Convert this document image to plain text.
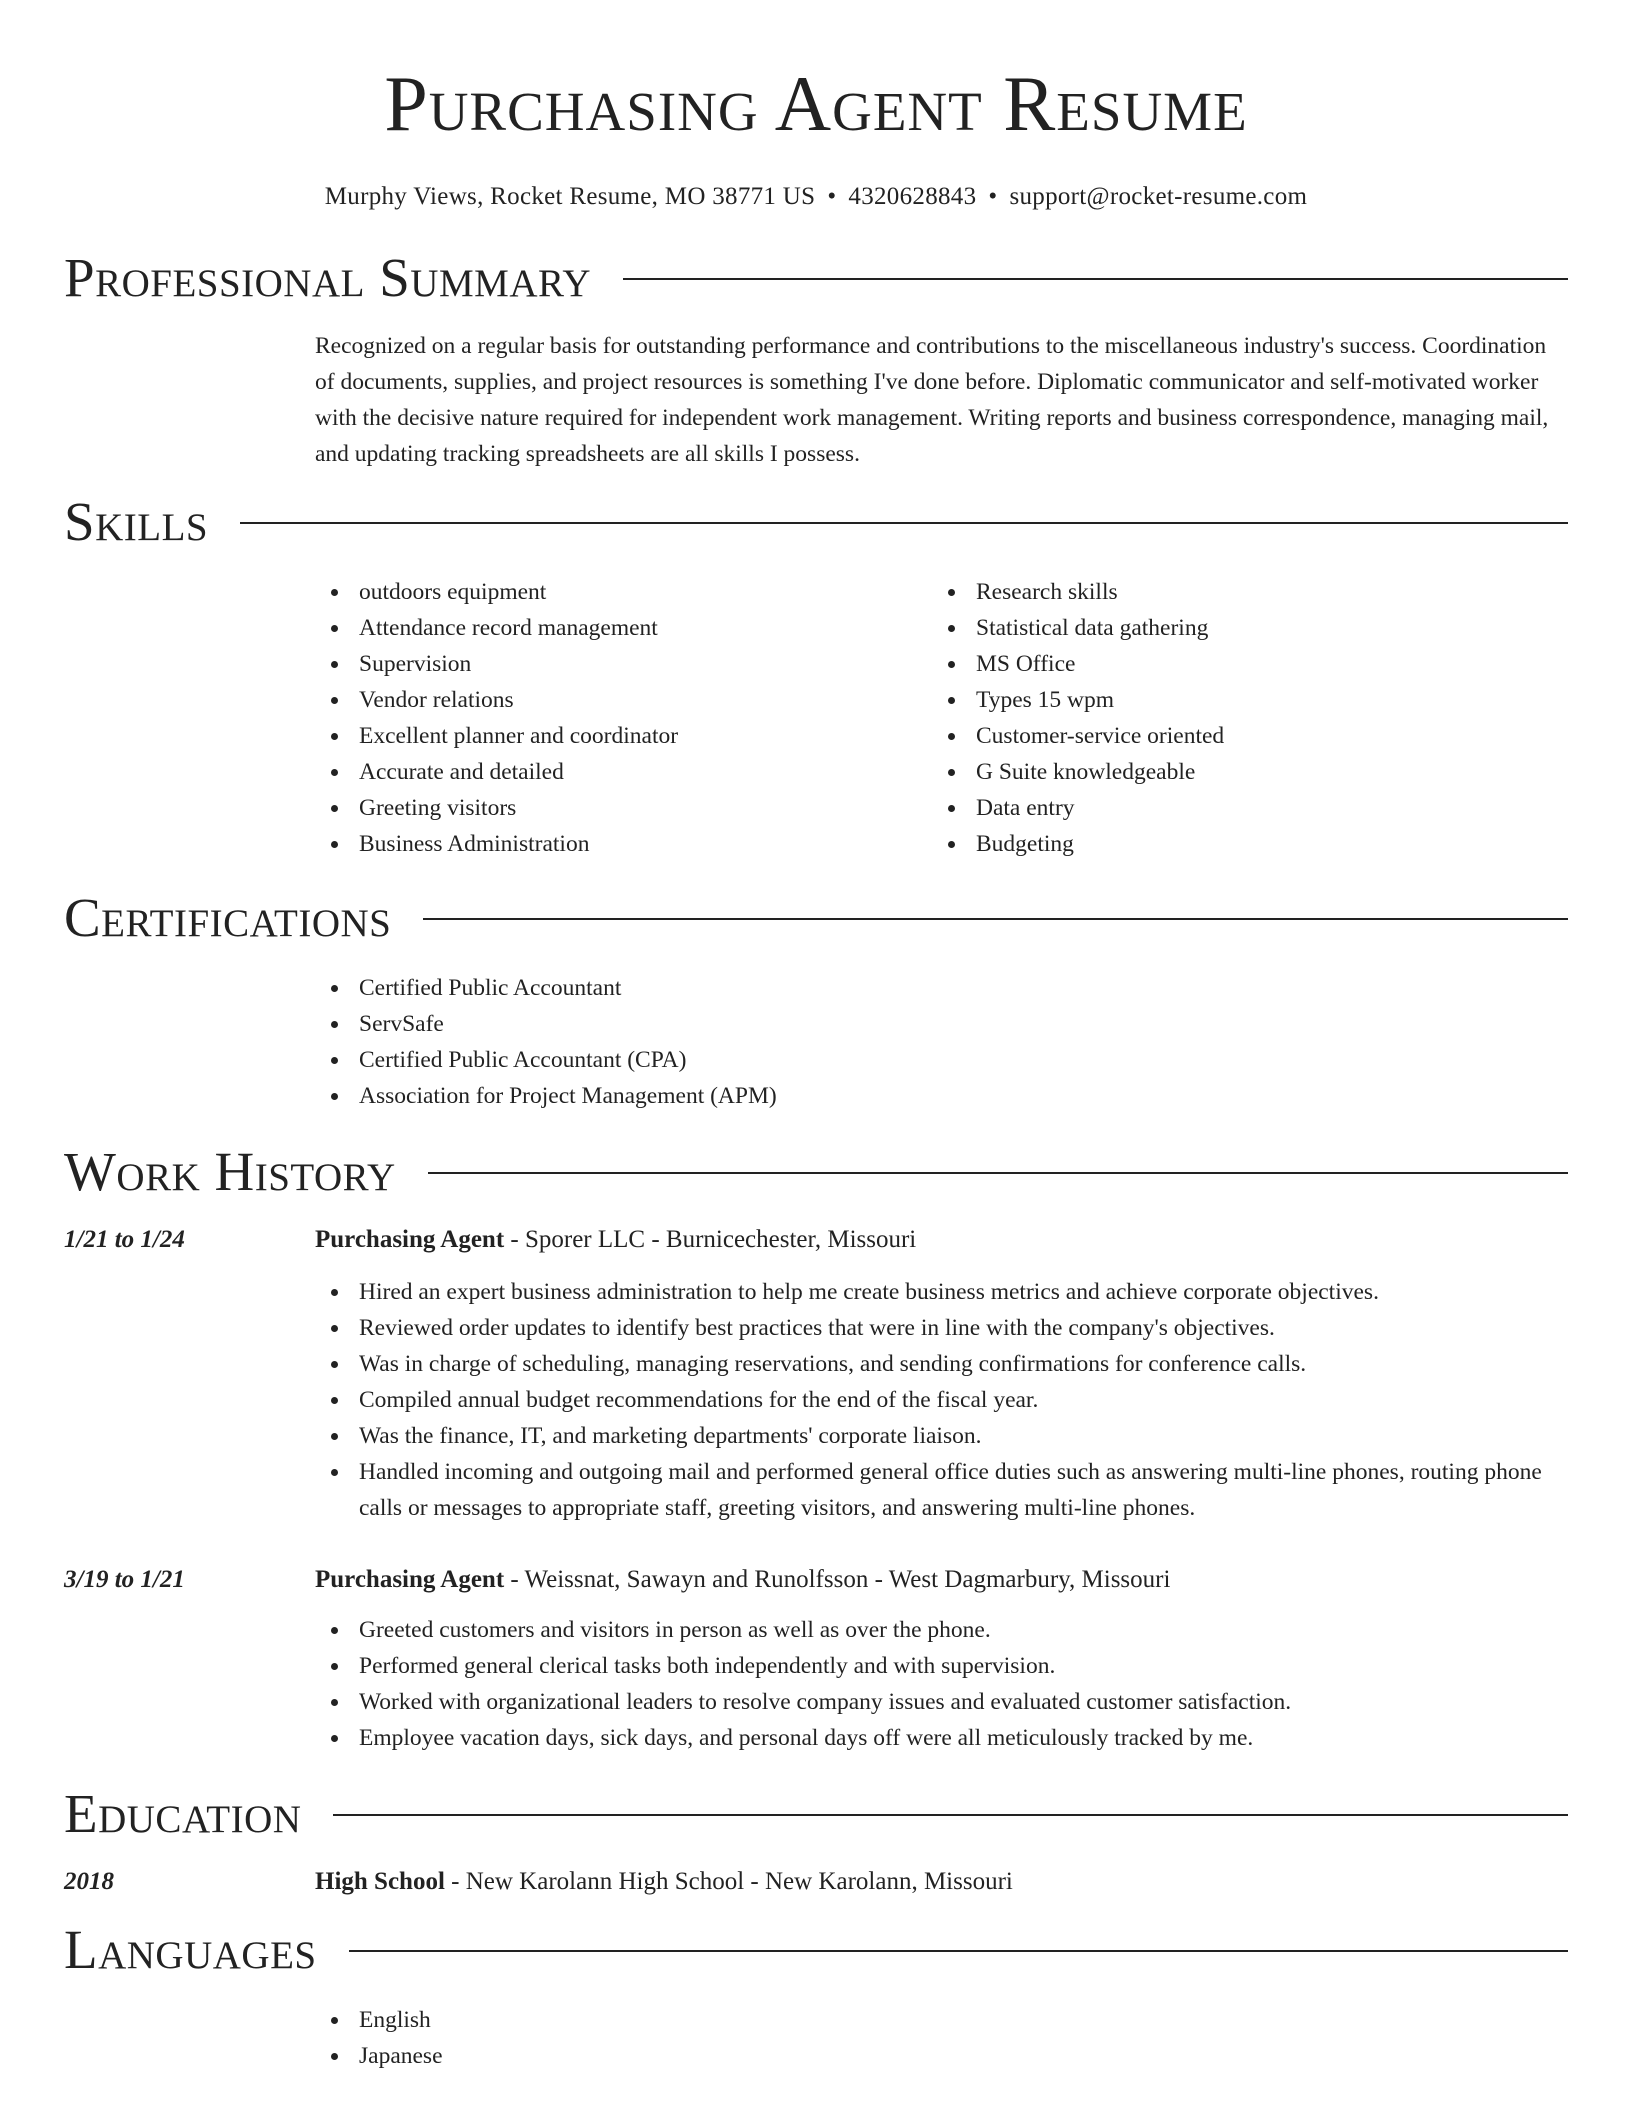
Purchasing Agent Resume
Murphy Views, Rocket Resume, MO 38771 US • 4320628843 • support@rocket-resume.com
Professional Summary

Recognized on a regular basis for outstanding performance and contributions to the miscellaneous industry's success. Coordination of documents, supplies, and project resources is something I've done before. Diplomatic communicator and self-motivated worker with the decisive nature required for independent work management. Writing reports and business correspondence, managing mail, and updating tracking spreadsheets are all skills I possess.

Skills
outdoors equipment
Attendance record management
Supervision
Vendor relations
Excellent planner and coordinator
Accurate and detailed
Greeting visitors
Business Administration
Research skills
Statistical data gathering
MS Office
Types 15 wpm
Customer-service oriented
G Suite knowledgeable
Data entry
Budgeting
Certifications
Certified Public Accountant
ServSafe
Certified Public Accountant (CPA)
Association for Project Management (APM)
Work History
1/21 to 1/24	Purchasing Agent - Sporer LLC - Burnicechester, Missouri
Hired an expert business administration to help me create business metrics and achieve corporate objectives.
Reviewed order updates to identify best practices that were in line with the company's objectives.
Was in charge of scheduling, managing reservations, and sending confirmations for conference calls.
Compiled annual budget recommendations for the end of the fiscal year.
Was the finance, IT, and marketing departments' corporate liaison.
Handled incoming and outgoing mail and performed general office duties such as answering multi-line phones, routing phone calls or messages to appropriate staff, greeting visitors, and answering multi-line phones.
3/19 to 1/21	Purchasing Agent - Weissnat, Sawayn and Runolfsson - West Dagmarbury, Missouri
Greeted customers and visitors in person as well as over the phone.
Performed general clerical tasks both independently and with supervision.
Worked with organizational leaders to resolve company issues and evaluated customer satisfaction.
Employee vacation days, sick days, and personal days off were all meticulously tracked by me.
Education
2018	High School - New Karolann High School - New Karolann, Missouri
Languages
English
Japanese
